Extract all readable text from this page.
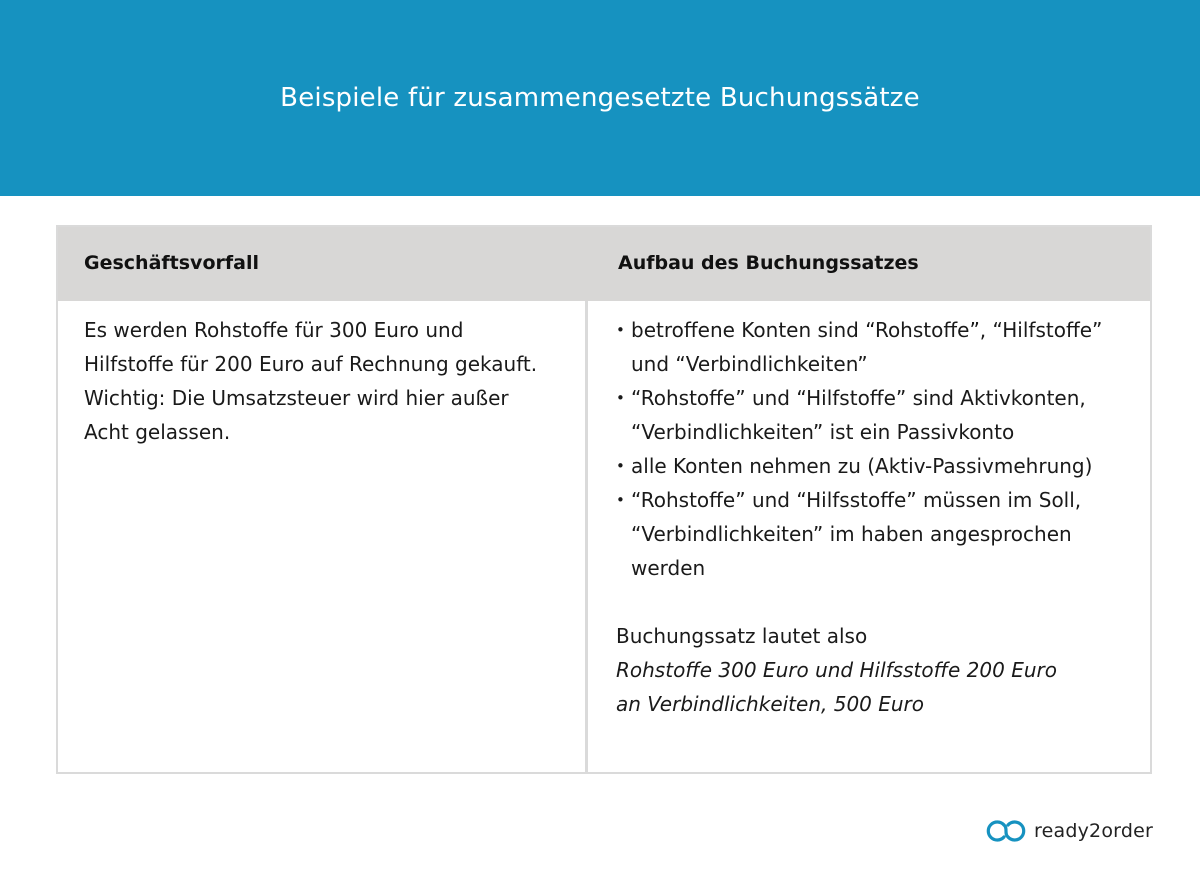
Beispiele für zusammengesetzte Buchungssätze
Geschäftsvorfall	Aufbau des Buchungssatzes

Es werden Rohstoffe für 300 Euro und Hilfstoffe für 200 Euro auf Rechnung gekauft.

Wichtig: Die Umsatzsteuer wird hier außer Acht gelassen.

• betroffene Konten sind “Rohstoffe”, “Hilfstoffe” und “Verbindlichkeiten”
• “Rohstoffe” und “Hilfstoffe” sind Aktivkonten, “Verbindlichkeiten” ist ein Passivkonto
• alle Konten nehmen zu (Aktiv-Passivmehrung)
• “Rohstoffe” und “Hilfsstoffe” müssen im Soll, “Verbindlichkeiten” im haben angesprochen werden

Buchungssatz lautet also

Rohstoffe 300 Euro und Hilfsstoffe 200 Euro

an Verbindlichkeiten, 500 Euro

ready2order
